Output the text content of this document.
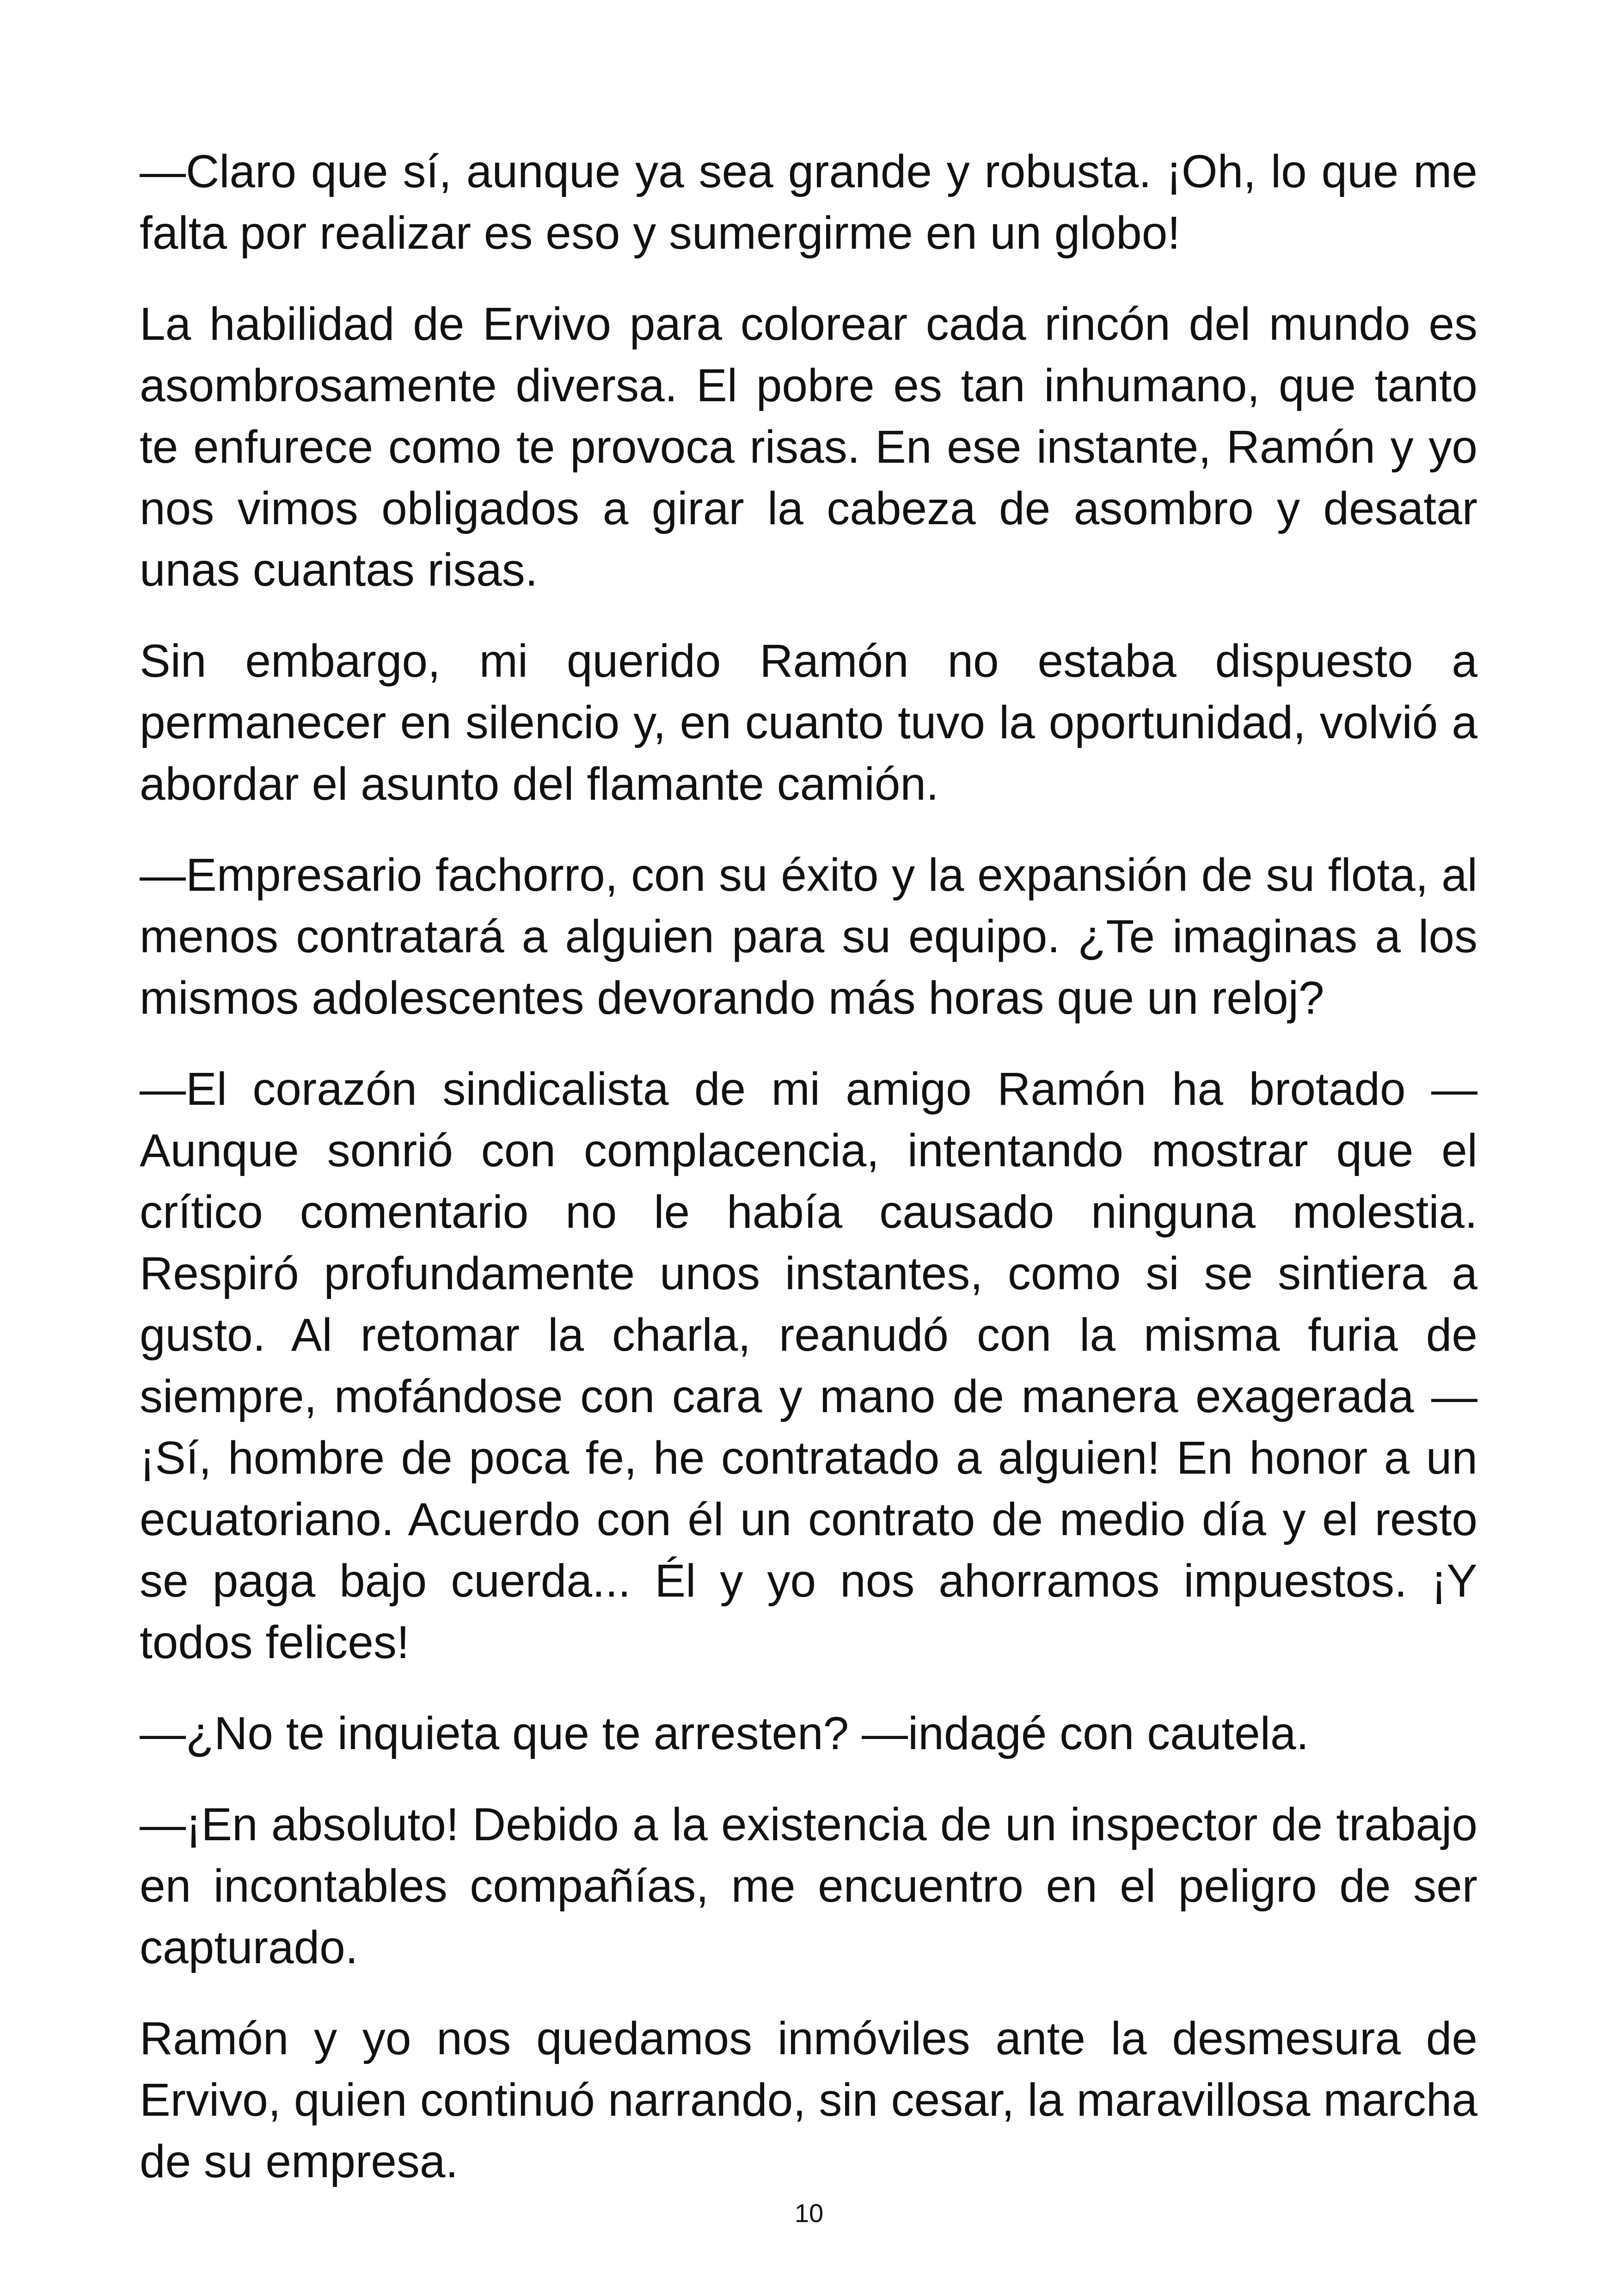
—Claro que sí, aunque ya sea grande y robusta. ¡Oh, lo que me falta por realizar es eso y sumergirme en un globo!

La habilidad de Ervivo para colorear cada rincón del mundo es asombrosamente diversa. El pobre es tan inhumano, que tanto te enfurece como te provoca risas. En ese instante, Ramón y yo nos vimos obligados a girar la cabeza de asombro y desatar unas cuantas risas.

Sin embargo, mi querido Ramón no estaba dispuesto a permanecer en silencio y, en cuanto tuvo la oportunidad, volvió a abordar el asunto del flamante camión.

—Empresario fachorro, con su éxito y la expansión de su flota, al menos contratará a alguien para su equipo. ¿Te imaginas a los mismos adolescentes devorando más horas que un reloj?

—El corazón sindicalista de mi amigo Ramón ha brotado —Aunque sonrió con complacencia, intentando mostrar que el crítico comentario no le había causado ninguna molestia. Respiró profundamente unos instantes, como si se sintiera a gusto. Al retomar la charla, reanudó con la misma furia de siempre, mofándose con cara y mano de manera exagerada —¡Sí, hombre de poca fe, he contratado a alguien! En honor a un ecuatoriano. Acuerdo con él un contrato de medio día y el resto se paga bajo cuerda... Él y yo nos ahorramos impuestos. ¡Y todos felices!

—¿No te inquieta que te arresten? —indagé con cautela.

—¡En absoluto! Debido a la existencia de un inspector de trabajo en incontables compañías, me encuentro en el peligro de ser capturado.

Ramón y yo nos quedamos inmóviles ante la desmesura de Ervivo, quien continuó narrando, sin cesar, la maravillosa marcha de su empresa.

10
